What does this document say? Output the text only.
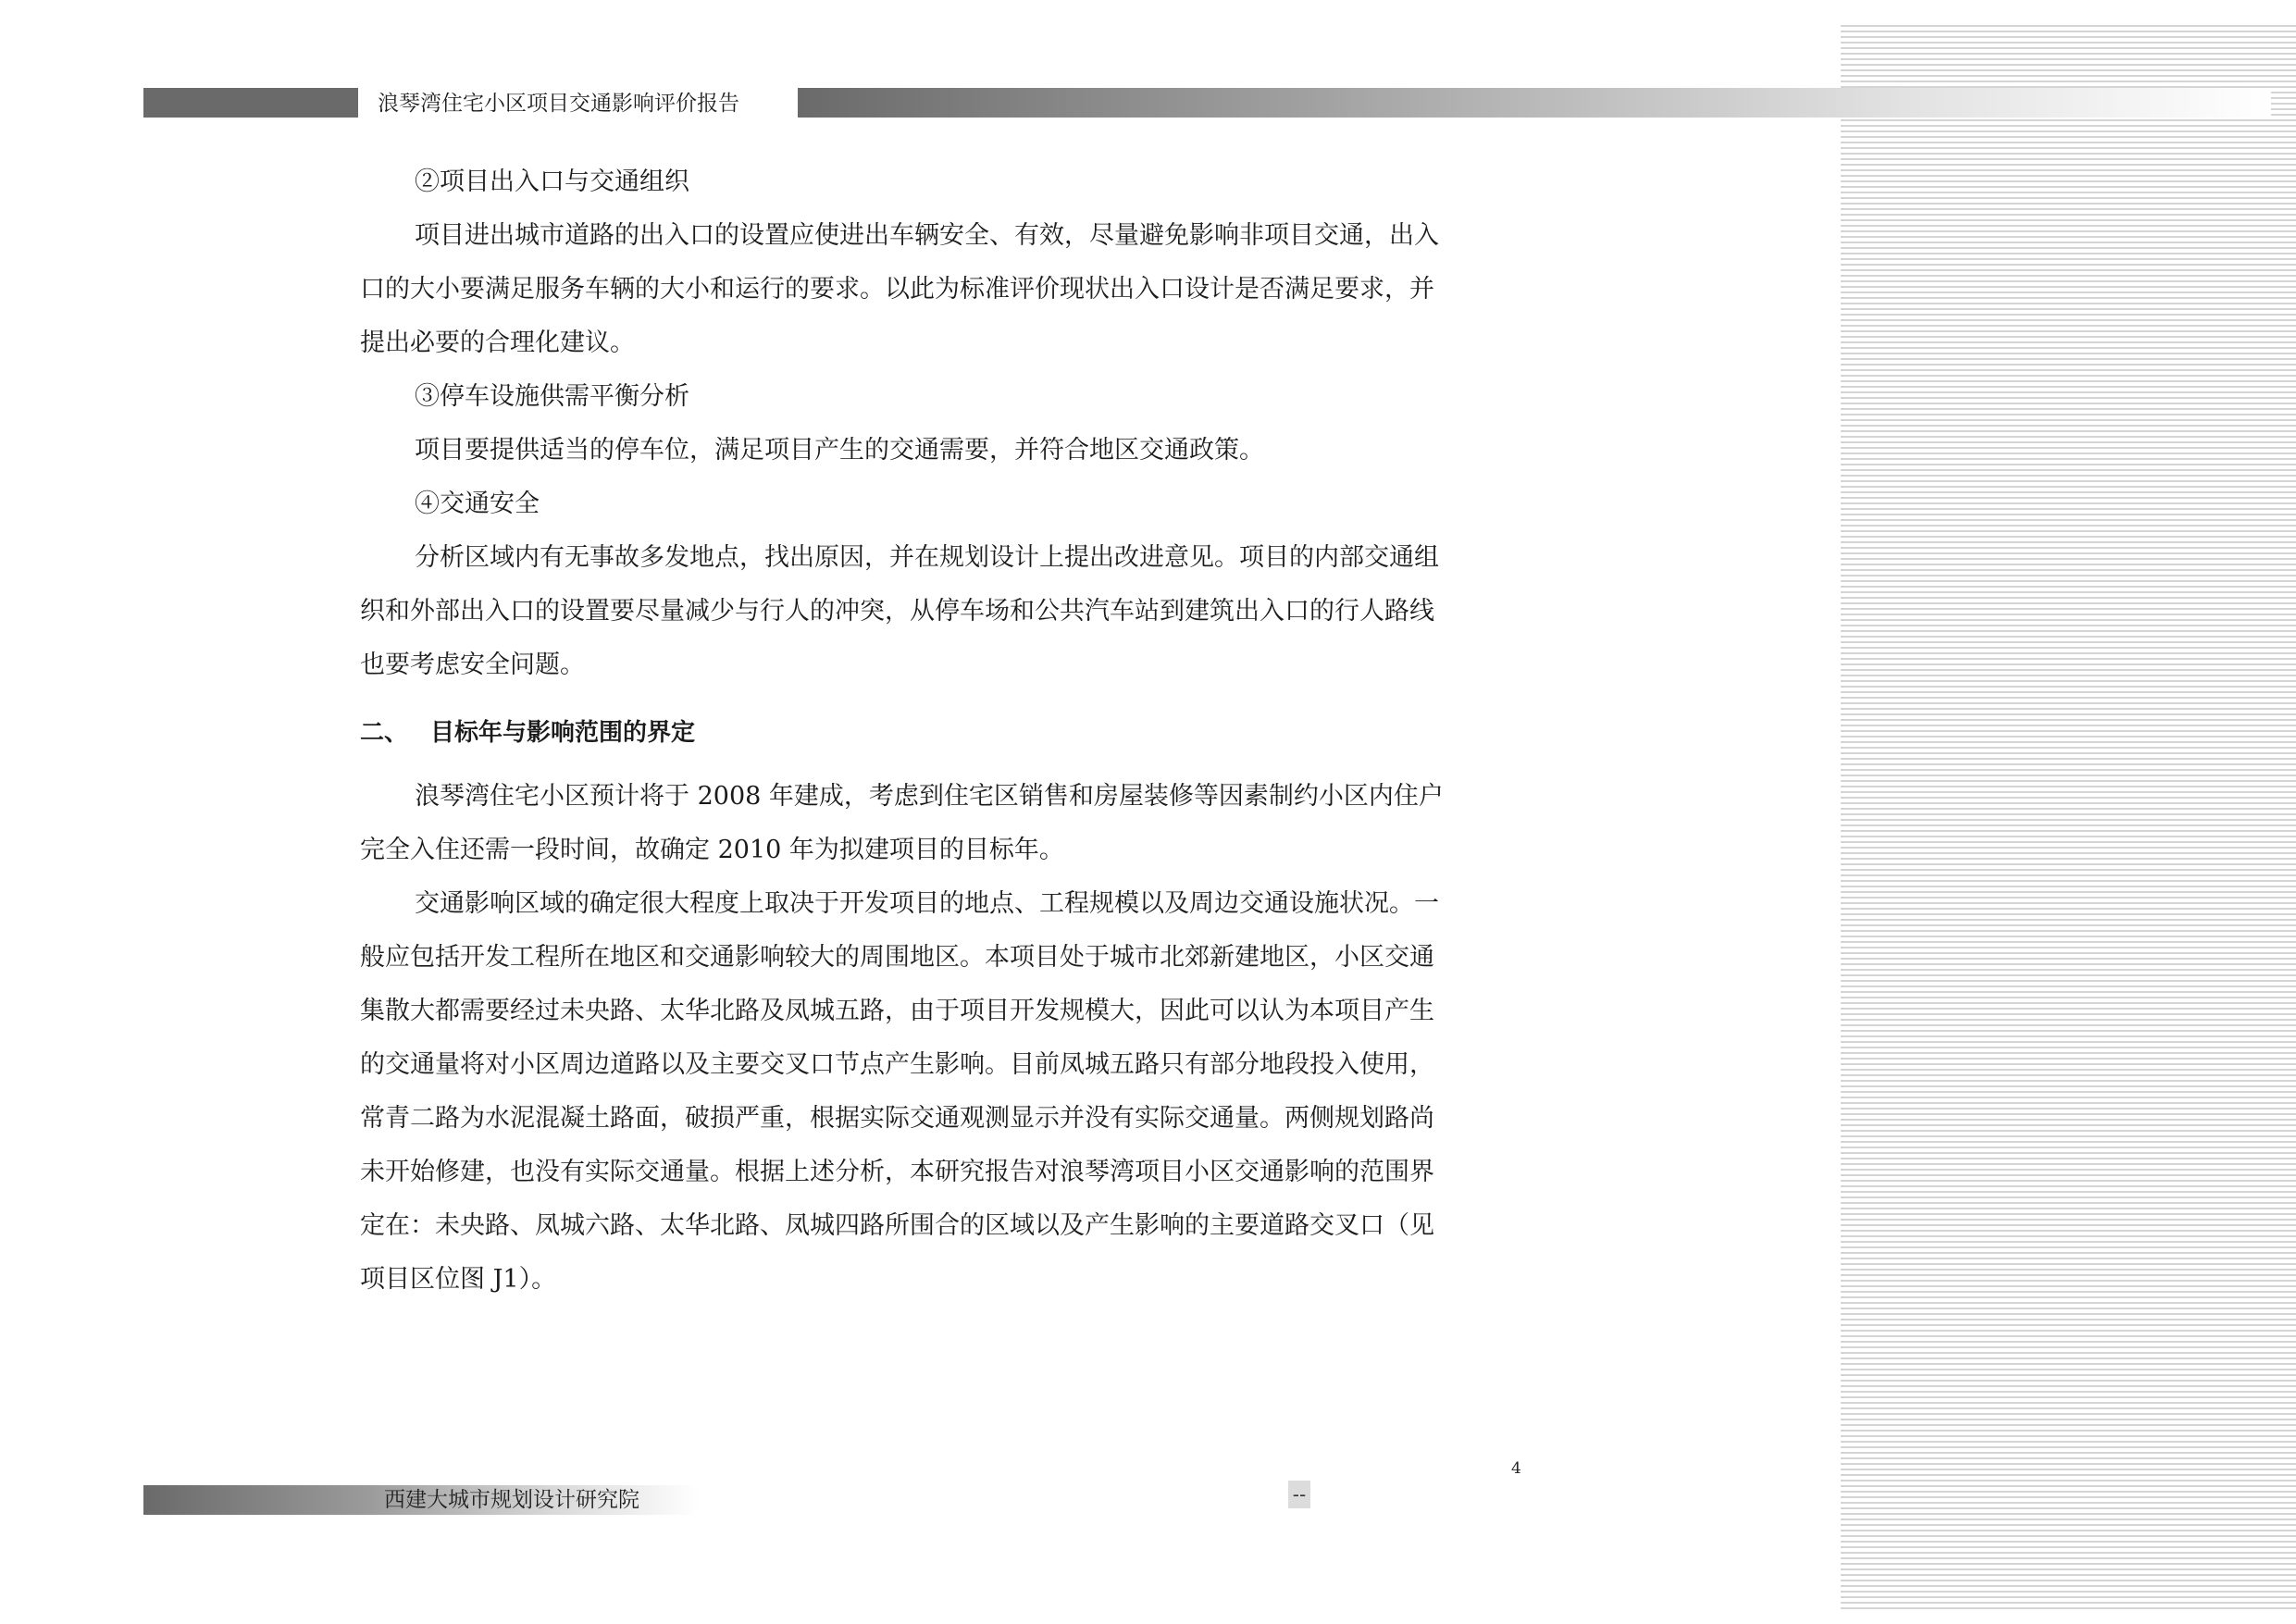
浪琴湾住宅小区项目交通影响评价报告

②项目出入口与交通组织

项目进出城市道路的出入口的设置应使进出车辆安全、有效，尽量避免影响非项目交通，出入
口的大小要满足服务车辆的大小和运行的要求。以此为标准评价现状出入口设计是否满足要求，并
提出必要的合理化建议。

③停车设施供需平衡分析

项目要提供适当的停车位，满足项目产生的交通需要，并符合地区交通政策。

④交通安全

分析区域内有无事故多发地点，找出原因，并在规划设计上提出改进意见。项目的内部交通组
织和外部出入口的设置要尽量减少与行人的冲突，从停车场和公共汽车站到建筑出入口的行人路线
也要考虑安全问题。

二、 目标年与影响范围的界定

浪琴湾住宅小区预计将于 2008 年建成，考虑到住宅区销售和房屋装修等因素制约小区内住户
完全入住还需一段时间，故确定 2010 年为拟建项目的目标年。

交通影响区域的确定很大程度上取决于开发项目的地点、工程规模以及周边交通设施状况。一
般应包括开发工程所在地区和交通影响较大的周围地区。本项目处于城市北郊新建地区，小区交通
集散大都需要经过未央路、太华北路及凤城五路，由于项目开发规模大，因此可以认为本项目产生
的交通量将对小区周边道路以及主要交叉口节点产生影响。目前凤城五路只有部分地段投入使用，
常青二路为水泥混凝土路面，破损严重，根据实际交通观测显示并没有实际交通量。两侧规划路尚
未开始修建，也没有实际交通量。根据上述分析，本研究报告对浪琴湾项目小区交通影响的范围界
定在：未央路、凤城六路、太华北路、凤城四路所围合的区域以及产生影响的主要道路交叉口（见
项目区位图 J1）。

4
西建大城市规划设计研究院	--
